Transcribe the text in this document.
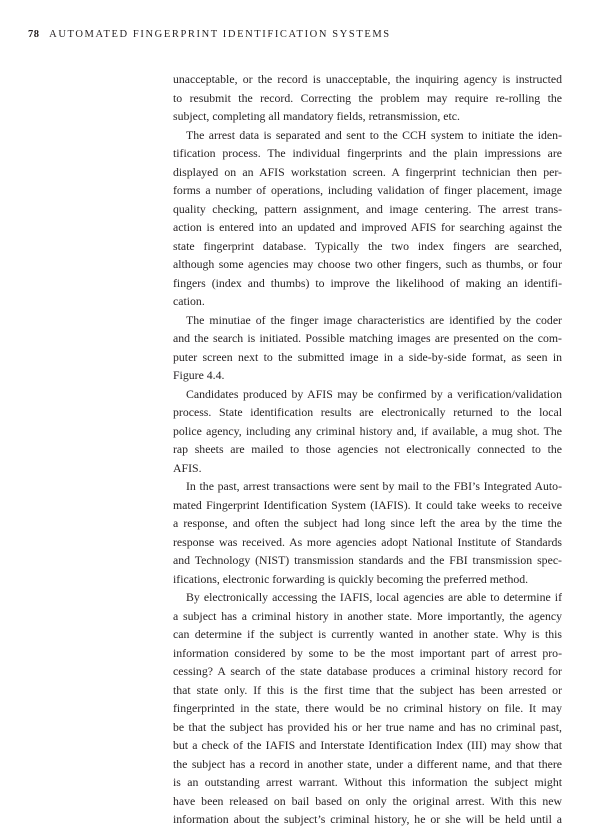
78 AUTOMATED FINGERPRINT IDENTIFICATION SYSTEMS
unacceptable, or the record is unacceptable, the inquiring agency is instructed
to resubmit the record. Correcting the problem may require re-rolling the
subject, completing all mandatory fields, retransmission, etc.
The arrest data is separated and sent to the CCH system to initiate the iden-
tification process. The individual fingerprints and the plain impressions are
displayed on an AFIS workstation screen. A fingerprint technician then per-
forms a number of operations, including validation of finger placement, image
quality checking, pattern assignment, and image centering. The arrest trans-
action is entered into an updated and improved AFIS for searching against the
state fingerprint database. Typically the two index fingers are searched,
although some agencies may choose two other fingers, such as thumbs, or four
fingers (index and thumbs) to improve the likelihood of making an identifi-
cation.
The minutiae of the finger image characteristics are identified by the coder
and the search is initiated. Possible matching images are presented on the com-
puter screen next to the submitted image in a side-by-side format, as seen in
Figure 4.4.
Candidates produced by AFIS may be confirmed by a verification/validation
process. State identification results are electronically returned to the local
police agency, including any criminal history and, if available, a mug shot. The
rap sheets are mailed to those agencies not electronically connected to the
AFIS.
In the past, arrest transactions were sent by mail to the FBI’s Integrated Auto-
mated Fingerprint Identification System (IAFIS). It could take weeks to receive
a response, and often the subject had long since left the area by the time the
response was received. As more agencies adopt National Institute of Standards
and Technology (NIST) transmission standards and the FBI transmission spec-
ifications, electronic forwarding is quickly becoming the preferred method.
By electronically accessing the IAFIS, local agencies are able to determine if
a subject has a criminal history in another state. More importantly, the agency
can determine if the subject is currently wanted in another state. Why is this
information considered by some to be the most important part of arrest pro-
cessing? A search of the state database produces a criminal history record for
that state only. If this is the first time that the subject has been arrested or
fingerprinted in the state, there would be no criminal history on file. It may
be that the subject has provided his or her true name and has no criminal past,
but a check of the IAFIS and Interstate Identification Index (III) may show that
the subject has a record in another state, under a different name, and that there
is an outstanding arrest warrant. Without this information the subject might
have been released on bail based on only the original arrest. With this new
information about the subject’s criminal history, he or she will be held until a
